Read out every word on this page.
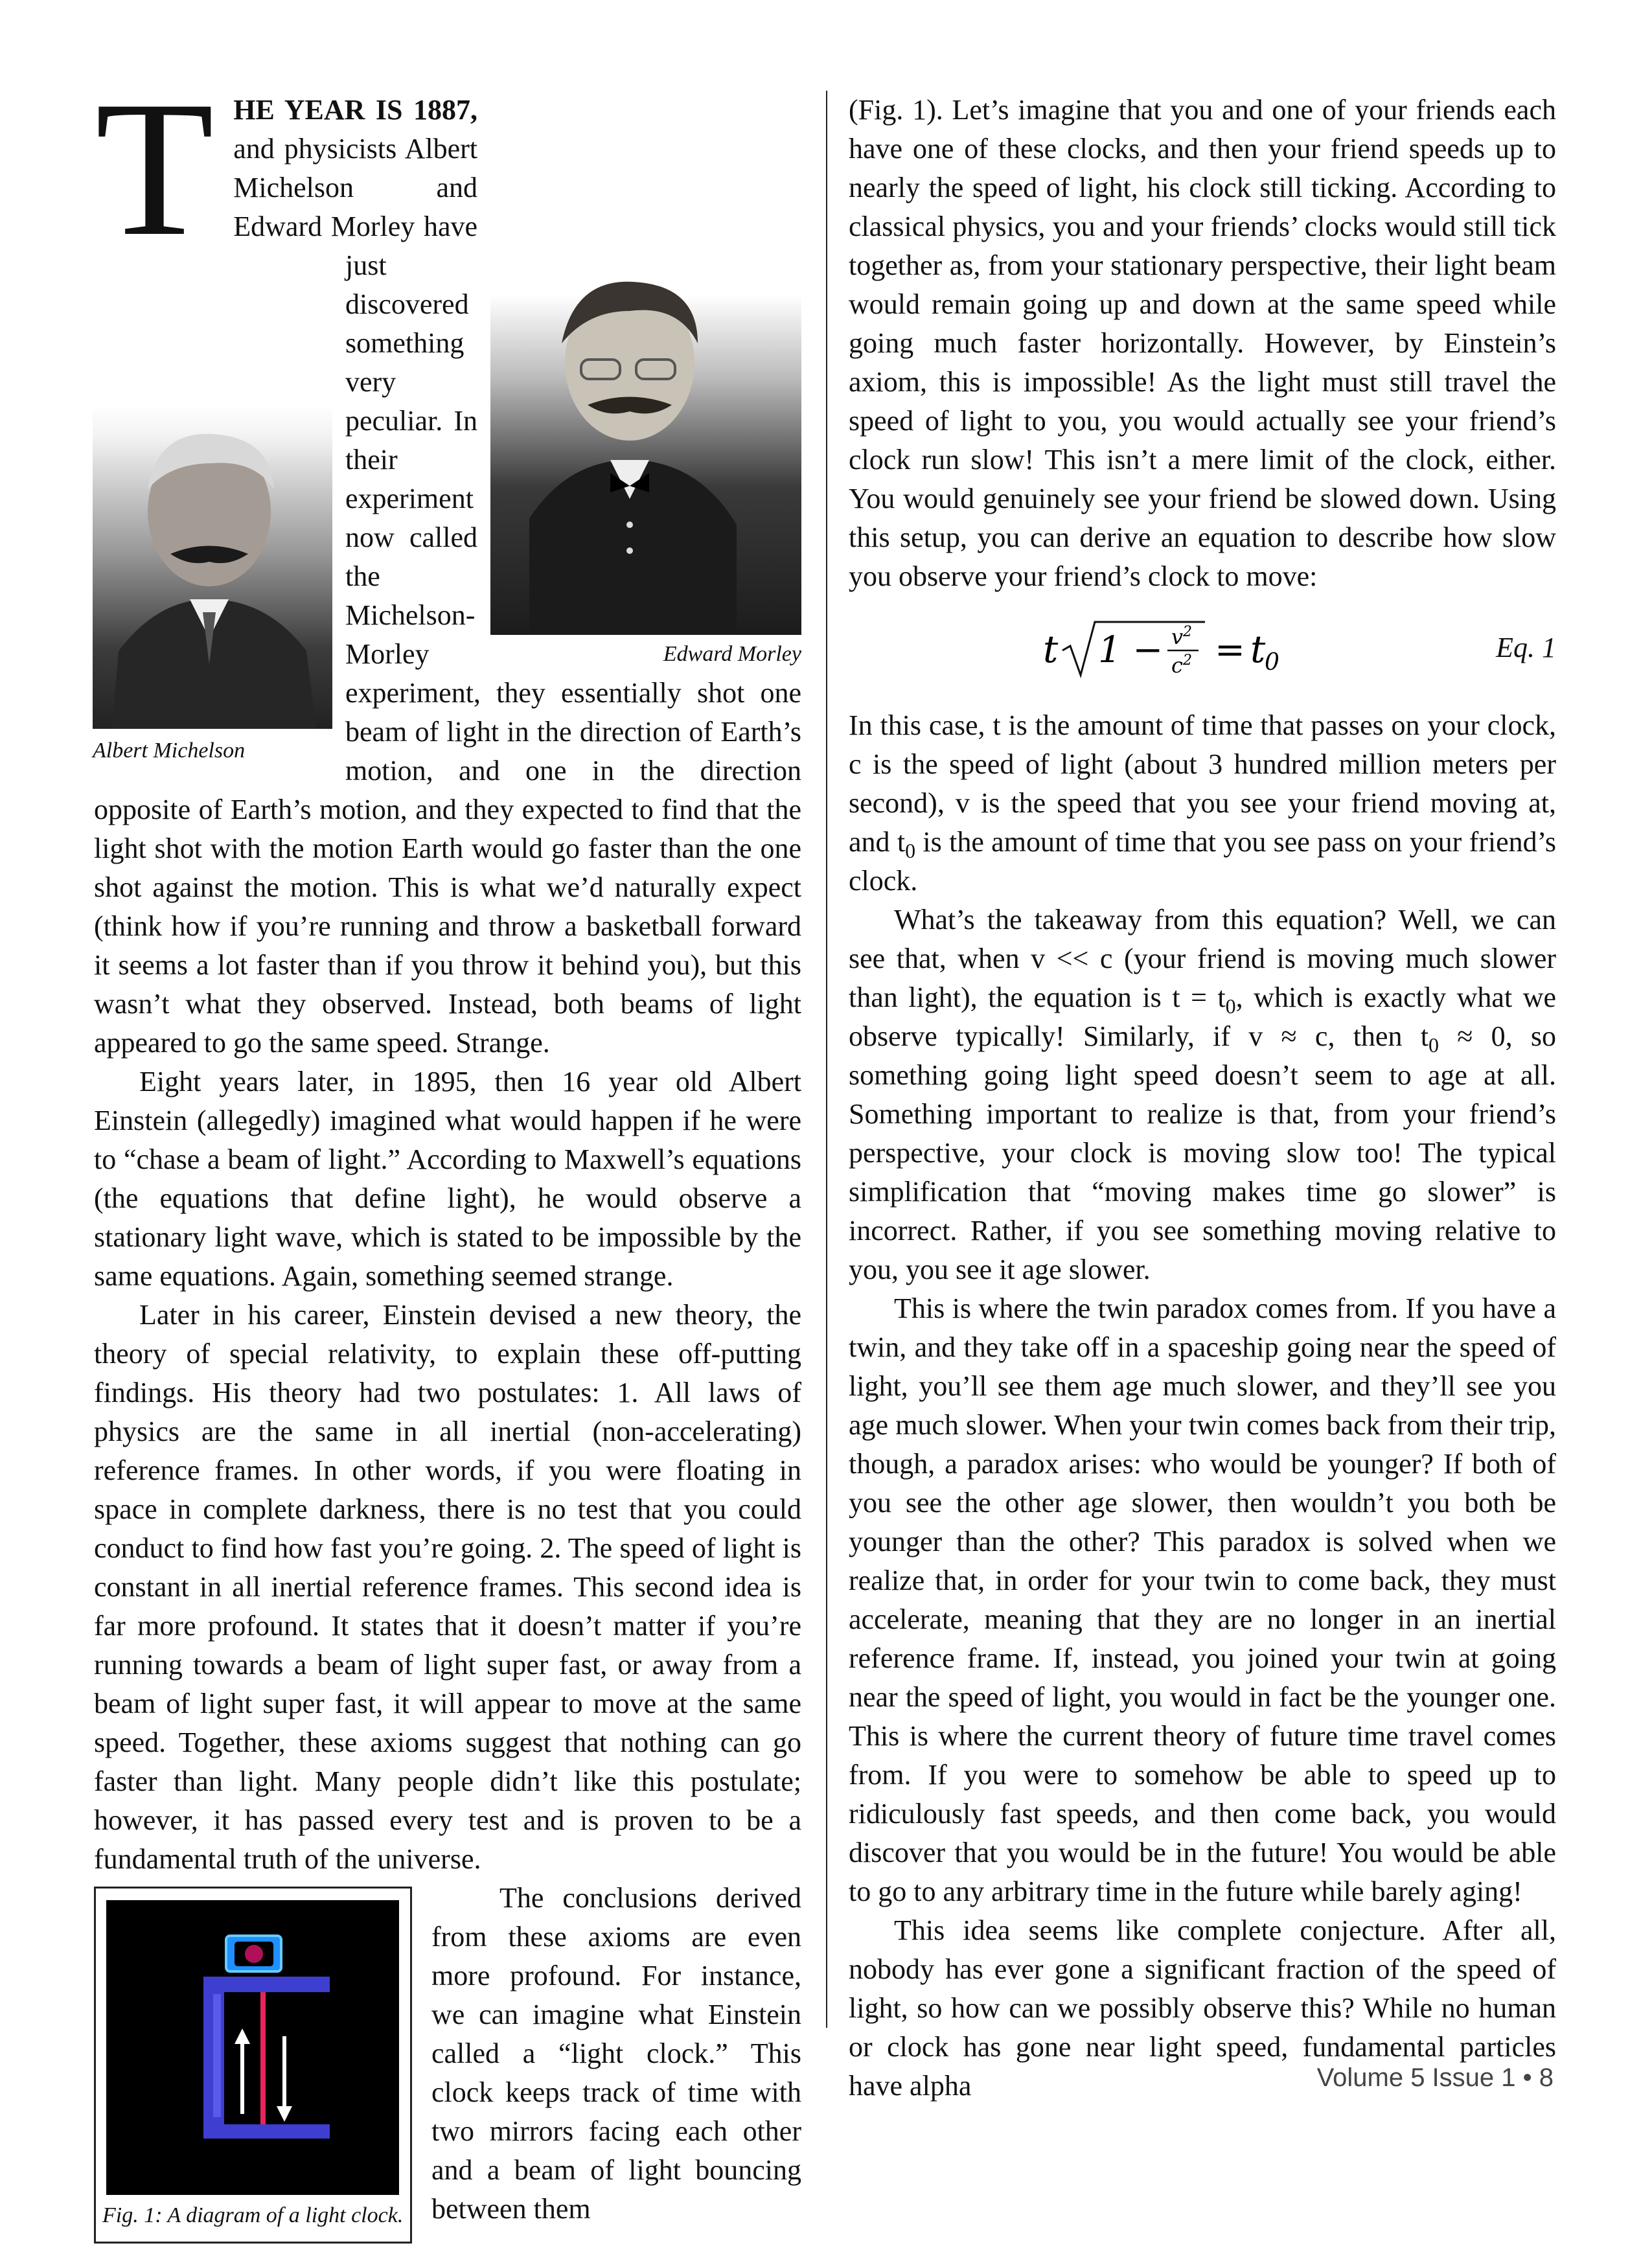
T
Edward Morley
Albert Michelson

HE YEAR IS 1887, and physicists Albert Michelson and Edward Morley have just discovered something very peculiar. In their experiment now called the Michelson-Morley experiment, they essentially shot one beam of light in the direction of Earth’s motion, and one in the direction opposite of Earth’s motion, and they expected to find that the light shot with the motion Earth would go faster than the one shot against the motion. This is what we’d naturally expect (think how if you’re running and throw a basketball forward it seems a lot faster than if you throw it behind you), but this wasn’t what they observed. Instead, both beams of light appeared to go the same speed. Strange.

Eight years later, in 1895, then 16 year old Albert Einstein (allegedly) imagined what would happen if he were to “chase a beam of light.” According to Maxwell’s equations (the equations that define light), he would observe a stationary light wave, which is stated to be impossible by the same equations. Again, something seemed strange.

Later in his career, Einstein devised a new theory, the theory of special relativity, to explain these off-putting findings. His theory had two postulates: 1. All laws of physics are the same in all inertial (non-accelerating) reference frames. In other words, if you were floating in space in complete darkness, there is no test that you could conduct to find how fast you’re going. 2. The speed of light is constant in all inertial reference frames. This second idea is far more profound. It states that it doesn’t matter if you’re running towards a beam of light super fast, or away from a beam of light super fast, it will appear to move at the same speed. Together, these axioms suggest that nothing can go faster than light. Many people didn’t like this postulate; however, it has passed every test and is proven to be a fundamental truth of the universe.

Fig. 1: A diagram of a light clock.

The conclusions derived from these axioms are even more profound. For instance, we can imagine what Einstein called a “light clock.” This clock keeps track of time with two mirrors facing each other and a beam of light bouncing between them

(Fig. 1). Let’s imagine that you and one of your friends each have one of these clocks, and then your friend speeds up to nearly the speed of light, his clock still ticking. According to classical physics, you and your friends’ clocks would still tick together as, from your stationary perspective, their light beam would remain going up and down at the same speed while going much faster horizontally. However, by Einstein’s axiom, this is impossible! As the light must still travel the speed of light to you, you would actually see your friend’s clock run slow! This isn’t a mere limit of the clock, either. You would genuinely see your friend be slowed down. Using this setup, you can derive an equation to describe how slow you observe your friend’s clock to move:

t 1 − v 2
c 2 = t
0	Eq. 1

In this case, t is the amount of time that passes on your clock, c is the speed of light (about 3 hundred million meters per second), v is the speed that you see your friend moving at, and $t_0$ is the amount of time that you see pass on your friend’s clock.

What’s the takeaway from this equation? Well, we can see that, when v << c (your friend is moving much slower than light), the equation is $t = t_0$, which is exactly what we observe typically! Similarly, if v ≈ c, then $t_0 \approx 0$, so something going light speed doesn’t seem to age at all. Something important to realize is that, from your friend’s perspective, your clock is moving slow too! The typical simplification that “moving makes time go slower” is incorrect. Rather, if you see something moving relative to you, you see it age slower.

This is where the twin paradox comes from. If you have a twin, and they take off in a spaceship going near the speed of light, you’ll see them age much slower, and they’ll see you age much slower. When your twin comes back from their trip, though, a paradox arises: who would be younger? If both of you see the other age slower, then wouldn’t you both be younger than the other? This paradox is solved when we realize that, in order for your twin to come back, they must accelerate, meaning that they are no longer in an inertial reference frame. If, instead, you joined your twin at going near the speed of light, you would in fact be the younger one. This is where the current theory of future time travel comes from. If you were to somehow be able to speed up to ridiculously fast speeds, and then come back, you would discover that you would be in the future! You would be able to go to any arbitrary time in the future while barely aging!

This idea seems like complete conjecture. After all, nobody has ever gone a significant fraction of the speed of light, so how can we possibly observe this? While no human or clock has gone near light speed, fundamental particles have alpha	Volume 5 Issue 1 • 8
